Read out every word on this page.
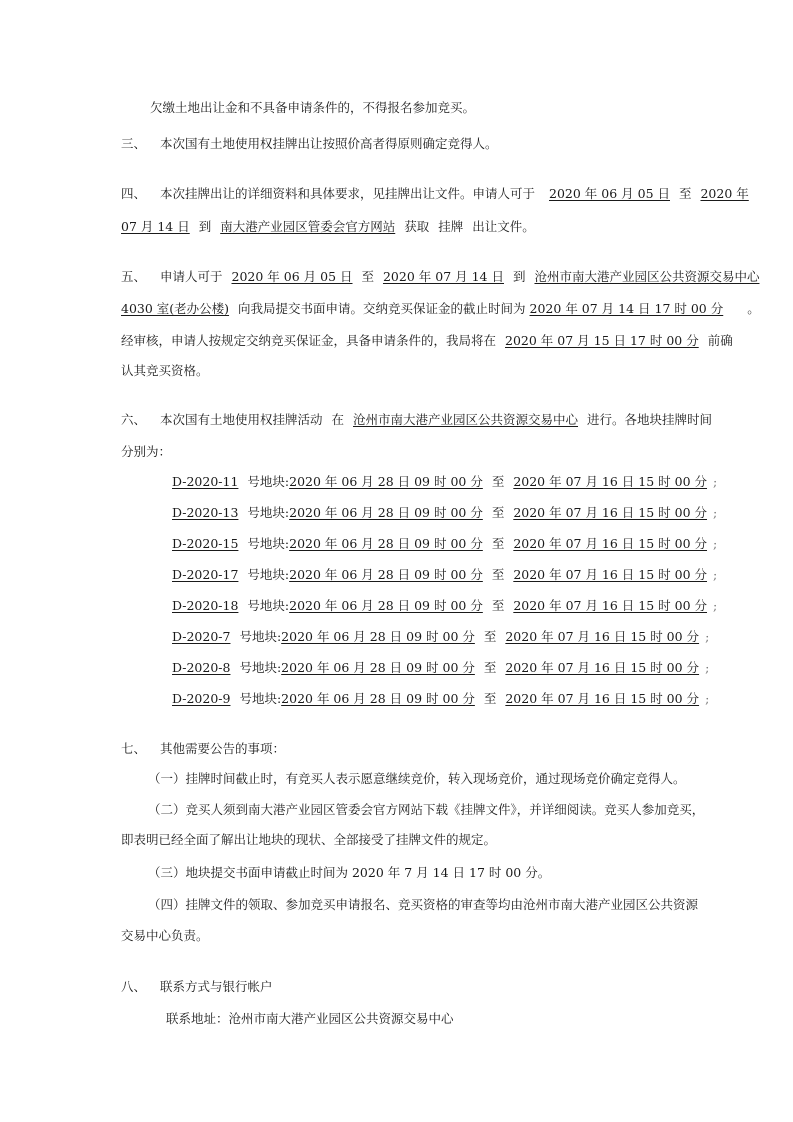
欠缴土地出让金和不具备申请条件的，不得报名参加竞买。
三、 本次国有土地使用权挂牌出让按照价高者得原则确定竞得人。
四、 本次挂牌出让的详细资料和具体要求，见挂牌出让文件。申请人可于 2020 年 06 月 05 日 至 2020 年
07 月 14 日 到 南大港产业园区管委会官方网站 获取 挂牌 出让文件。
五、 申请人可于 2020 年 06 月 05 日 至 2020 年 07 月 14 日 到 沧州市南大港产业园区公共资源交易中心
4030 室(老办公楼) 向我局提交书面申请。交纳竞买保证金的截止时间为 2020 年 07 月 14 日 17 时 00 分 。
经审核，申请人按规定交纳竞买保证金，具备申请条件的，我局将在 2020 年 07 月 15 日 17 时 00 分 前确
认其竞买资格。
六、 本次国有土地使用权挂牌活动 在 沧州市南大港产业园区公共资源交易中心 进行。各地块挂牌时间
分别为：
D-2020-11 号地块:2020 年 06 月 28 日 09 时 00 分 至 2020 年 07 月 16 日 15 时 00 分 ;
D-2020-13 号地块:2020 年 06 月 28 日 09 时 00 分 至 2020 年 07 月 16 日 15 时 00 分 ;
D-2020-15 号地块:2020 年 06 月 28 日 09 时 00 分 至 2020 年 07 月 16 日 15 时 00 分 ;
D-2020-17 号地块:2020 年 06 月 28 日 09 时 00 分 至 2020 年 07 月 16 日 15 时 00 分 ;
D-2020-18 号地块:2020 年 06 月 28 日 09 时 00 分 至 2020 年 07 月 16 日 15 时 00 分 ;
D-2020-7 号地块:2020 年 06 月 28 日 09 时 00 分 至 2020 年 07 月 16 日 15 时 00 分 ;
D-2020-8 号地块:2020 年 06 月 28 日 09 时 00 分 至 2020 年 07 月 16 日 15 时 00 分 ;
D-2020-9 号地块:2020 年 06 月 28 日 09 时 00 分 至 2020 年 07 月 16 日 15 时 00 分 ;
七、 其他需要公告的事项：
（一）挂牌时间截止时，有竞买人表示愿意继续竞价，转入现场竞价，通过现场竞价确定竞得人。
（二）竞买人须到南大港产业园区管委会官方网站下载《挂牌文件》，并详细阅读。竞买人参加竞买，
即表明已经全面了解出让地块的现状、全部接受了挂牌文件的规定。
（三）地块提交书面申请截止时间为 2020 年 7 月 14 日 17 时 00 分。
（四）挂牌文件的领取、参加竞买申请报名、竞买资格的审查等均由沧州市南大港产业园区公共资源
交易中心负责。
八、 联系方式与银行帐户
联系地址：沧州市南大港产业园区公共资源交易中心
